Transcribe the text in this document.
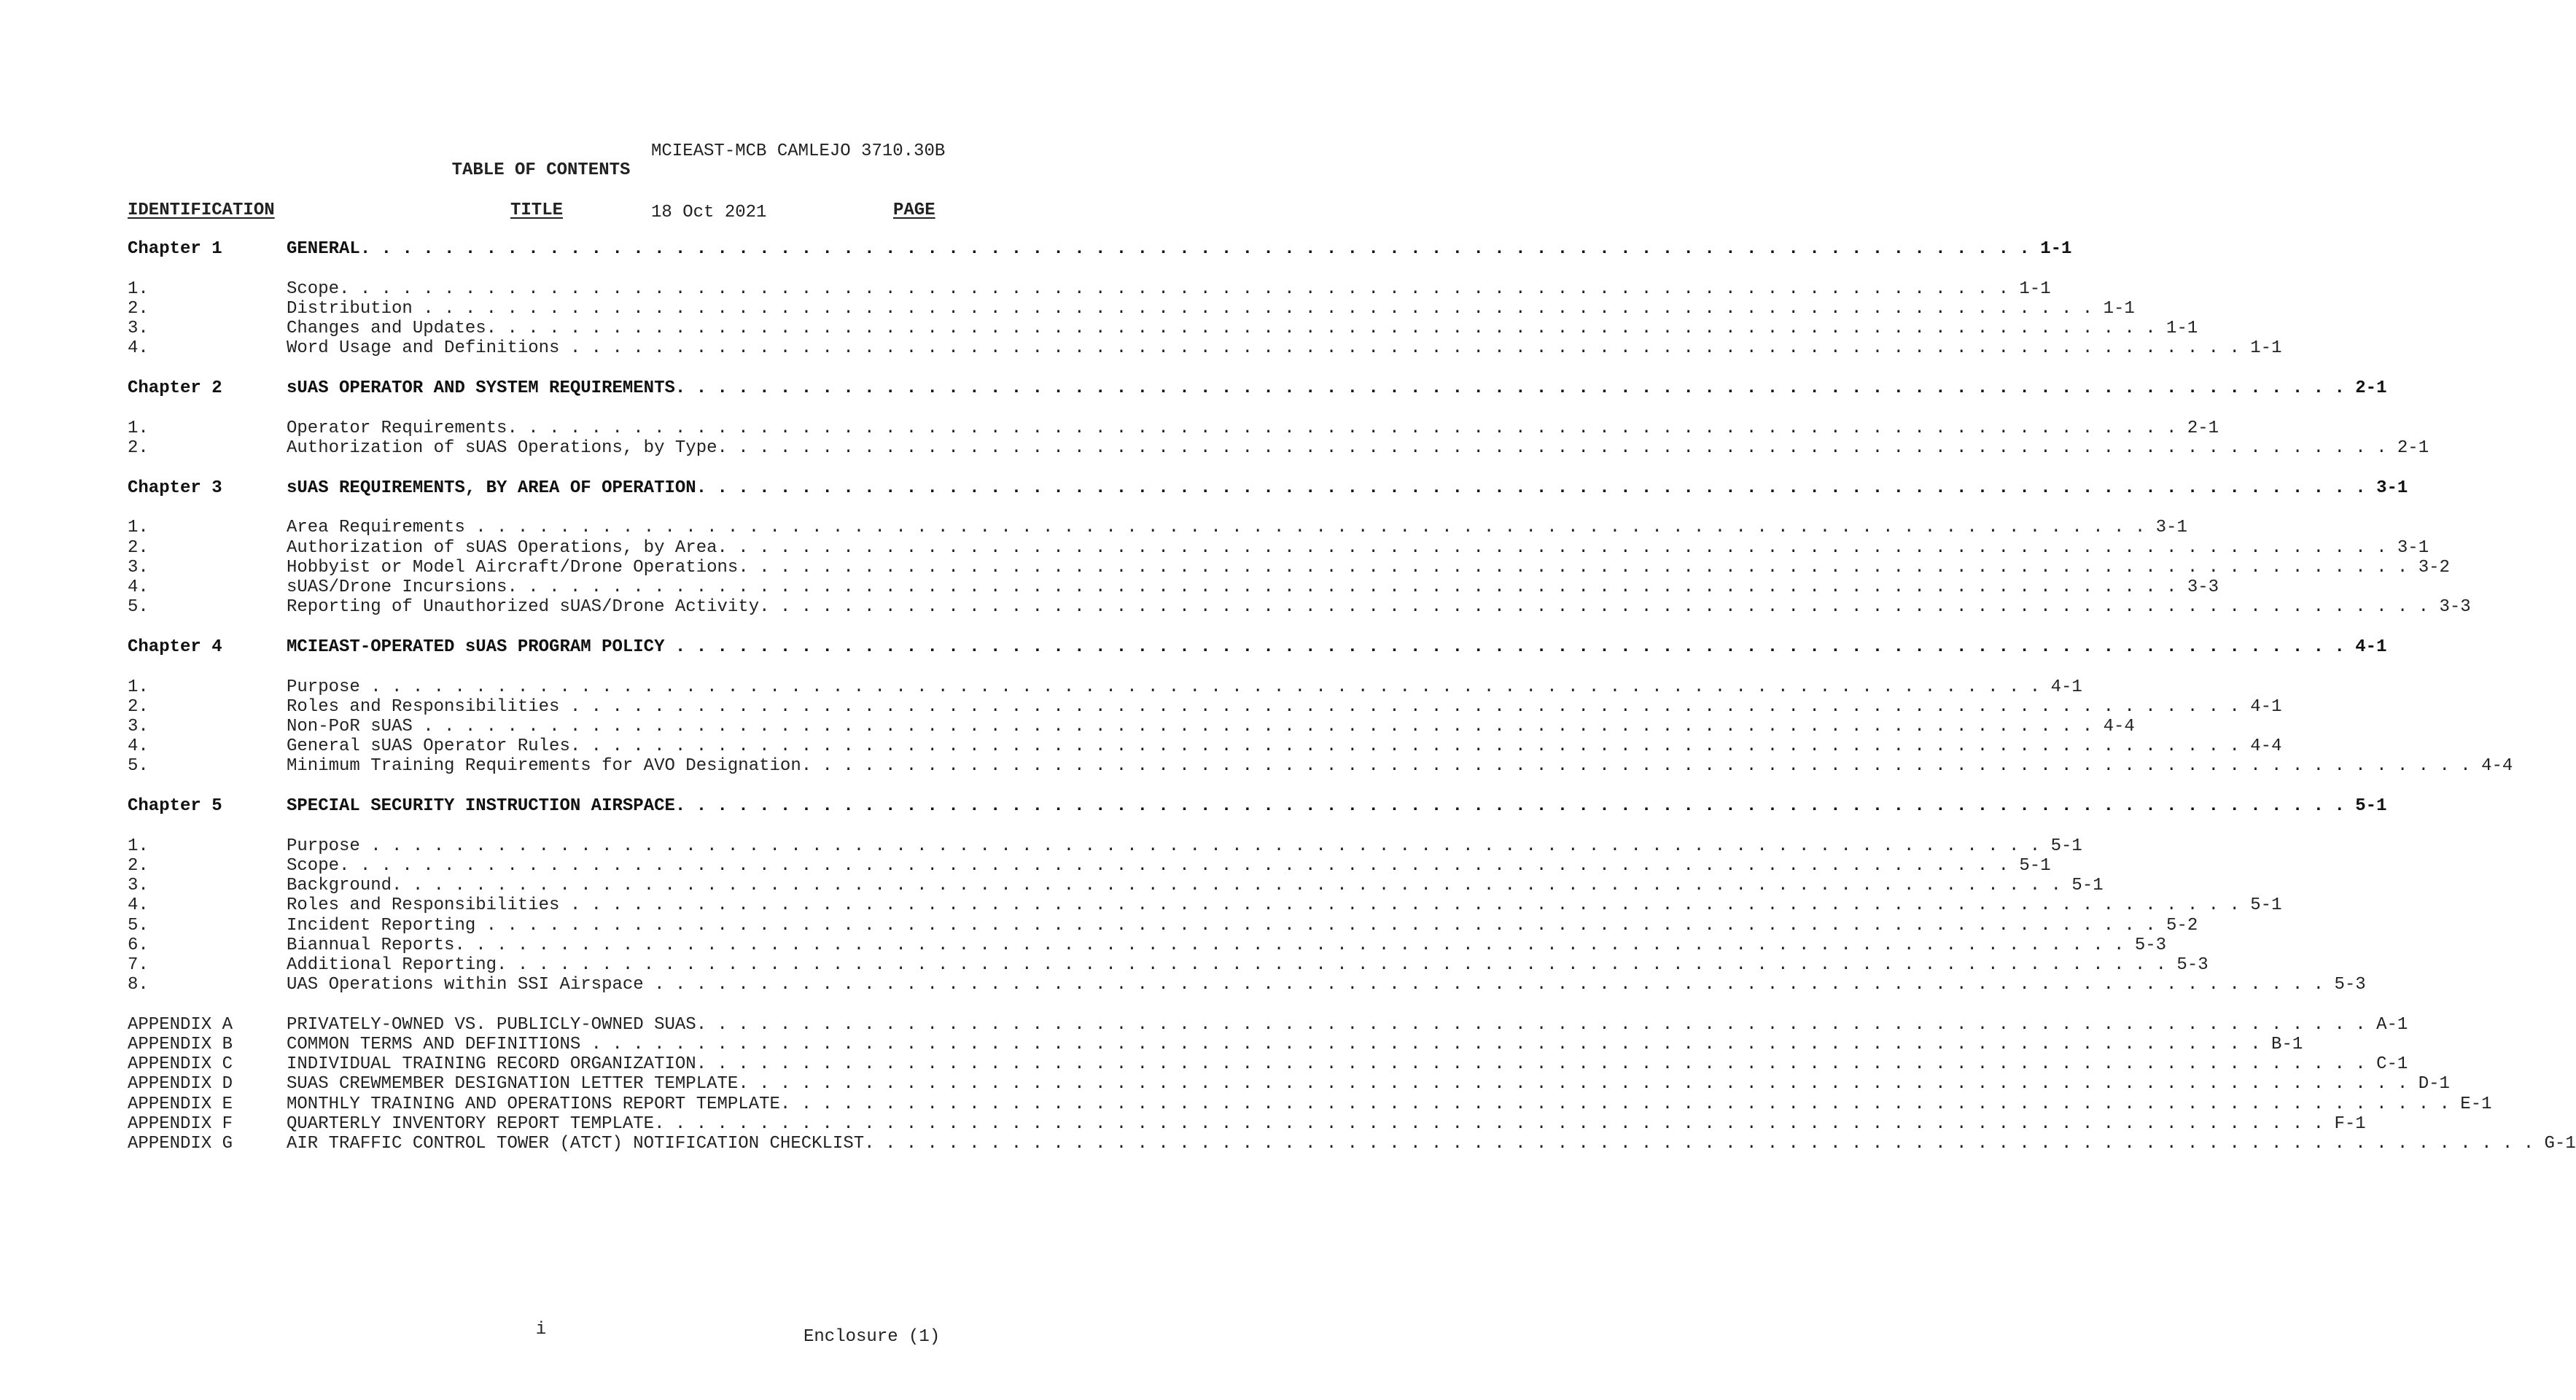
MCIEAST-MCB CAMLEJO 3710.30B

18 Oct 2021

TABLE OF CONTENTS
IDENTIFICATION	TITLE	PAGE
Chapter 1	GENERAL . . . . . . . . . . . . . . . . . . . . . . . . . . . . . . . . . . . . . . . . . . . . . . . . . . . . . . . . . . . . . . . . . . . . . . . . . . . . . . . . 1-1
1.	Scope . . . . . . . . . . . . . . . . . . . . . . . . . . . . . . . . . . . . . . . . . . . . . . . . . . . . . . . . . . . . . . . . . . . . . . . . . . . . . . . . 1-1
2.	Distribution . . . . . . . . . . . . . . . . . . . . . . . . . . . . . . . . . . . . . . . . . . . . . . . . . . . . . . . . . . . . . . . . . . . . . . . . . . . . . . . . 1-1
3.	Changes and Updates . . . . . . . . . . . . . . . . . . . . . . . . . . . . . . . . . . . . . . . . . . . . . . . . . . . . . . . . . . . . . . . . . . . . . . . . . . . . . . . . 1-1
4.	Word Usage and Definitions . . . . . . . . . . . . . . . . . . . . . . . . . . . . . . . . . . . . . . . . . . . . . . . . . . . . . . . . . . . . . . . . . . . . . . . . . . . . . . . . 1-1
Chapter 2	sUAS OPERATOR AND SYSTEM REQUIREMENTS . . . . . . . . . . . . . . . . . . . . . . . . . . . . . . . . . . . . . . . . . . . . . . . . . . . . . . . . . . . . . . . . . . . . . . . . . . . . . . . . 2-1
1.	Operator Requirements . . . . . . . . . . . . . . . . . . . . . . . . . . . . . . . . . . . . . . . . . . . . . . . . . . . . . . . . . . . . . . . . . . . . . . . . . . . . . . . . 2-1
2.	Authorization of sUAS Operations, by Type . . . . . . . . . . . . . . . . . . . . . . . . . . . . . . . . . . . . . . . . . . . . . . . . . . . . . . . . . . . . . . . . . . . . . . . . . . . . . . . . 2-1
Chapter 3	sUAS REQUIREMENTS, BY AREA OF OPERATION . . . . . . . . . . . . . . . . . . . . . . . . . . . . . . . . . . . . . . . . . . . . . . . . . . . . . . . . . . . . . . . . . . . . . . . . . . . . . . . . 3-1
1.	Area Requirements . . . . . . . . . . . . . . . . . . . . . . . . . . . . . . . . . . . . . . . . . . . . . . . . . . . . . . . . . . . . . . . . . . . . . . . . . . . . . . . . 3-1
2.	Authorization of sUAS Operations, by Area . . . . . . . . . . . . . . . . . . . . . . . . . . . . . . . . . . . . . . . . . . . . . . . . . . . . . . . . . . . . . . . . . . . . . . . . . . . . . . . . 3-1
3.	Hobbyist or Model Aircraft/Drone Operations . . . . . . . . . . . . . . . . . . . . . . . . . . . . . . . . . . . . . . . . . . . . . . . . . . . . . . . . . . . . . . . . . . . . . . . . . . . . . . . . 3-2
4.	sUAS/Drone Incursions . . . . . . . . . . . . . . . . . . . . . . . . . . . . . . . . . . . . . . . . . . . . . . . . . . . . . . . . . . . . . . . . . . . . . . . . . . . . . . . . 3-3
5.	Reporting of Unauthorized sUAS/Drone Activity . . . . . . . . . . . . . . . . . . . . . . . . . . . . . . . . . . . . . . . . . . . . . . . . . . . . . . . . . . . . . . . . . . . . . . . . . . . . . . . . 3-3
Chapter 4	MCIEAST-OPERATED sUAS PROGRAM POLICY . . . . . . . . . . . . . . . . . . . . . . . . . . . . . . . . . . . . . . . . . . . . . . . . . . . . . . . . . . . . . . . . . . . . . . . . . . . . . . . . 4-1
1.	Purpose . . . . . . . . . . . . . . . . . . . . . . . . . . . . . . . . . . . . . . . . . . . . . . . . . . . . . . . . . . . . . . . . . . . . . . . . . . . . . . . . 4-1
2.	Roles and Responsibilities . . . . . . . . . . . . . . . . . . . . . . . . . . . . . . . . . . . . . . . . . . . . . . . . . . . . . . . . . . . . . . . . . . . . . . . . . . . . . . . . 4-1
3.	Non-PoR sUAS . . . . . . . . . . . . . . . . . . . . . . . . . . . . . . . . . . . . . . . . . . . . . . . . . . . . . . . . . . . . . . . . . . . . . . . . . . . . . . . . 4-4
4.	General sUAS Operator Rules . . . . . . . . . . . . . . . . . . . . . . . . . . . . . . . . . . . . . . . . . . . . . . . . . . . . . . . . . . . . . . . . . . . . . . . . . . . . . . . . 4-4
5.	Minimum Training Requirements for AVO Designation . . . . . . . . . . . . . . . . . . . . . . . . . . . . . . . . . . . . . . . . . . . . . . . . . . . . . . . . . . . . . . . . . . . . . . . . . . . . . . . . 4-4
Chapter 5	SPECIAL SECURITY INSTRUCTION AIRSPACE . . . . . . . . . . . . . . . . . . . . . . . . . . . . . . . . . . . . . . . . . . . . . . . . . . . . . . . . . . . . . . . . . . . . . . . . . . . . . . . . 5-1
1.	Purpose . . . . . . . . . . . . . . . . . . . . . . . . . . . . . . . . . . . . . . . . . . . . . . . . . . . . . . . . . . . . . . . . . . . . . . . . . . . . . . . . 5-1
2.	Scope . . . . . . . . . . . . . . . . . . . . . . . . . . . . . . . . . . . . . . . . . . . . . . . . . . . . . . . . . . . . . . . . . . . . . . . . . . . . . . . . 5-1
3.	Background . . . . . . . . . . . . . . . . . . . . . . . . . . . . . . . . . . . . . . . . . . . . . . . . . . . . . . . . . . . . . . . . . . . . . . . . . . . . . . . . 5-1
4.	Roles and Responsibilities . . . . . . . . . . . . . . . . . . . . . . . . . . . . . . . . . . . . . . . . . . . . . . . . . . . . . . . . . . . . . . . . . . . . . . . . . . . . . . . . 5-1
5.	Incident Reporting . . . . . . . . . . . . . . . . . . . . . . . . . . . . . . . . . . . . . . . . . . . . . . . . . . . . . . . . . . . . . . . . . . . . . . . . . . . . . . . . 5-2
6.	Biannual Reports . . . . . . . . . . . . . . . . . . . . . . . . . . . . . . . . . . . . . . . . . . . . . . . . . . . . . . . . . . . . . . . . . . . . . . . . . . . . . . . . 5-3
7.	Additional Reporting . . . . . . . . . . . . . . . . . . . . . . . . . . . . . . . . . . . . . . . . . . . . . . . . . . . . . . . . . . . . . . . . . . . . . . . . . . . . . . . . 5-3
8.	UAS Operations within SSI Airspace . . . . . . . . . . . . . . . . . . . . . . . . . . . . . . . . . . . . . . . . . . . . . . . . . . . . . . . . . . . . . . . . . . . . . . . . . . . . . . . . 5-3
APPENDIX A	PRIVATELY-OWNED VS. PUBLICLY-OWNED SUAS . . . . . . . . . . . . . . . . . . . . . . . . . . . . . . . . . . . . . . . . . . . . . . . . . . . . . . . . . . . . . . . . . . . . . . . . . . . . . . . . A-1
APPENDIX B	COMMON TERMS AND DEFINITIONS . . . . . . . . . . . . . . . . . . . . . . . . . . . . . . . . . . . . . . . . . . . . . . . . . . . . . . . . . . . . . . . . . . . . . . . . . . . . . . . . B-1
APPENDIX C	INDIVIDUAL TRAINING RECORD ORGANIZATION . . . . . . . . . . . . . . . . . . . . . . . . . . . . . . . . . . . . . . . . . . . . . . . . . . . . . . . . . . . . . . . . . . . . . . . . . . . . . . . . C-1
APPENDIX D	SUAS CREWMEMBER DESIGNATION LETTER TEMPLATE . . . . . . . . . . . . . . . . . . . . . . . . . . . . . . . . . . . . . . . . . . . . . . . . . . . . . . . . . . . . . . . . . . . . . . . . . . . . . . . . D-1
APPENDIX E	MONTHLY TRAINING AND OPERATIONS REPORT TEMPLATE . . . . . . . . . . . . . . . . . . . . . . . . . . . . . . . . . . . . . . . . . . . . . . . . . . . . . . . . . . . . . . . . . . . . . . . . . . . . . . . . E-1
APPENDIX F	QUARTERLY INVENTORY REPORT TEMPLATE . . . . . . . . . . . . . . . . . . . . . . . . . . . . . . . . . . . . . . . . . . . . . . . . . . . . . . . . . . . . . . . . . . . . . . . . . . . . . . . . F-1
APPENDIX G	AIR TRAFFIC CONTROL TOWER (ATCT) NOTIFICATION CHECKLIST . . . . . . . . . . . . . . . . . . . . . . . . . . . . . . . . . . . . . . . . . . . . . . . . . . . . . . . . . . . . . . . . . . . . . . . . . . . . . . . . G-1
i	Enclosure (1)
